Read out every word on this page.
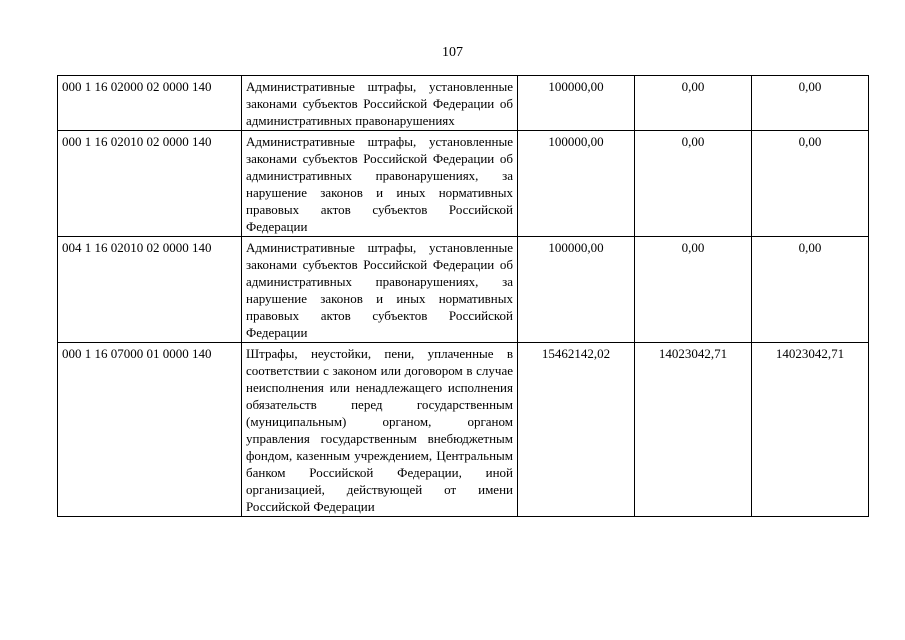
107
000 1 16 02000 02 0000 140	Административные штрафы, установленные законами субъектов Российской Федерации об административных правонарушениях	100000,00	0,00	0,00
000 1 16 02010 02 0000 140	Административные штрафы, установленные законами субъектов Российской Федерации об административных правонарушениях, за нарушение законов и иных нормативных правовых актов субъектов Российской Федерации	100000,00	0,00	0,00
004 1 16 02010 02 0000 140	Административные штрафы, установленные законами субъектов Российской Федерации об административных правонарушениях, за нарушение законов и иных нормативных правовых актов субъектов Российской Федерации	100000,00	0,00	0,00
000 1 16 07000 01 0000 140	Штрафы, неустойки, пени, уплаченные в соответствии с законом или договором в случае неисполнения или ненадлежащего исполнения обязательств перед государственным (муниципальным) органом, органом управления государственным внебюджетным фондом, казенным учреждением, Центральным банком Российской Федерации, иной организацией, действующей от имени Российской Федерации	15462142,02	14023042,71	14023042,71
